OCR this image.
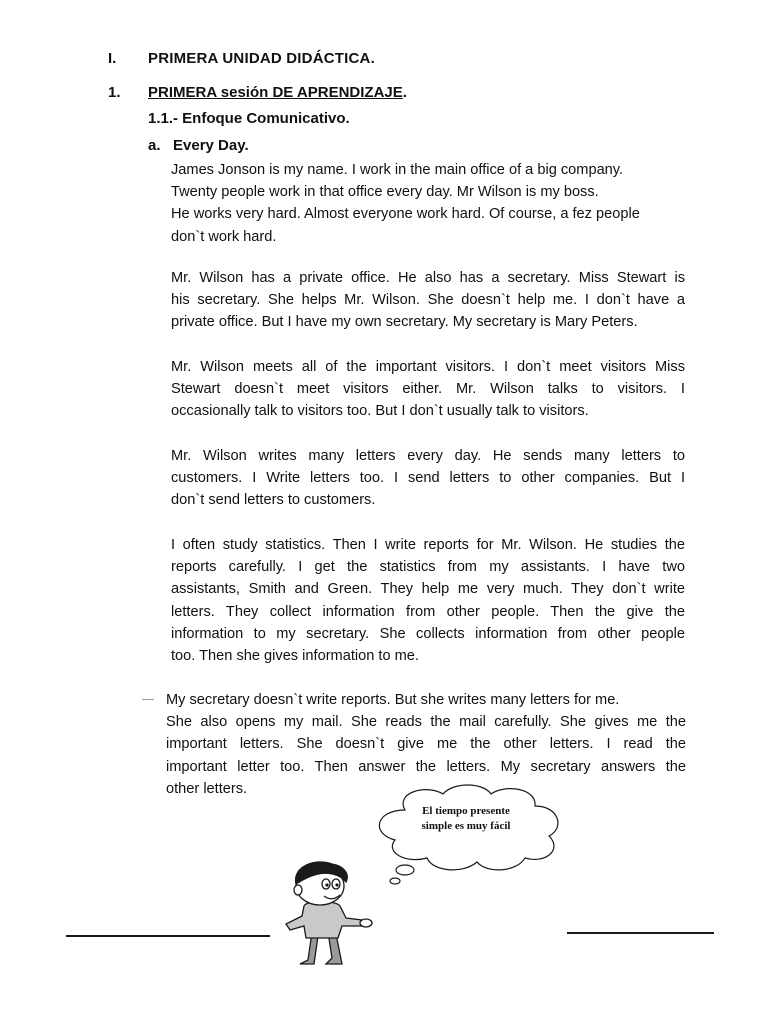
I. PRIMERA UNIDAD DIDÁCTICA.
1. PRIMERA sesión DE APRENDIZAJE.
1.1.- Enfoque Comunicativo.
a. Every Day.
James Jonson is my name. I work in the main office of a big company.
Twenty people work in that office every day. Mr Wilson is my boss.
He works very hard. Almost everyone work hard. Of course, a fez people
don`t work hard.
Mr. Wilson has a private office. He also has a secretary. Miss Stewart is
his secretary. She helps Mr. Wilson. She doesn`t help me. I don`t have a
private office. But I have my own secretary. My secretary is Mary Peters.
Mr. Wilson meets all of the important visitors. I don`t meet visitors Miss
Stewart doesn`t meet visitors either. Mr. Wilson talks to visitors. I
occasionally talk to visitors too. But I don`t usually talk to visitors.
Mr. Wilson writes many letters every day. He sends many letters to
customers. I Write letters too. I send letters to other companies. But I
don`t send letters to customers.
I often study statistics. Then I write reports for Mr. Wilson. He studies the
reports carefully. I get the statistics from my assistants. I have two
assistants, Smith and Green. They help me very much. They don`t write
letters. They collect information from other people. Then the give the
information to my secretary. She collects information from other people
too. Then she gives information to me.
My secretary doesn`t write reports. But she writes many letters for me.
She also opens my mail. She reads the mail carefully. She gives me the
important letters. She doesn`t give me the other letters. I read the
important letter too. Then answer the letters. My secretary answers the
other letters.
El tiempo presente
simple es muy fácil
